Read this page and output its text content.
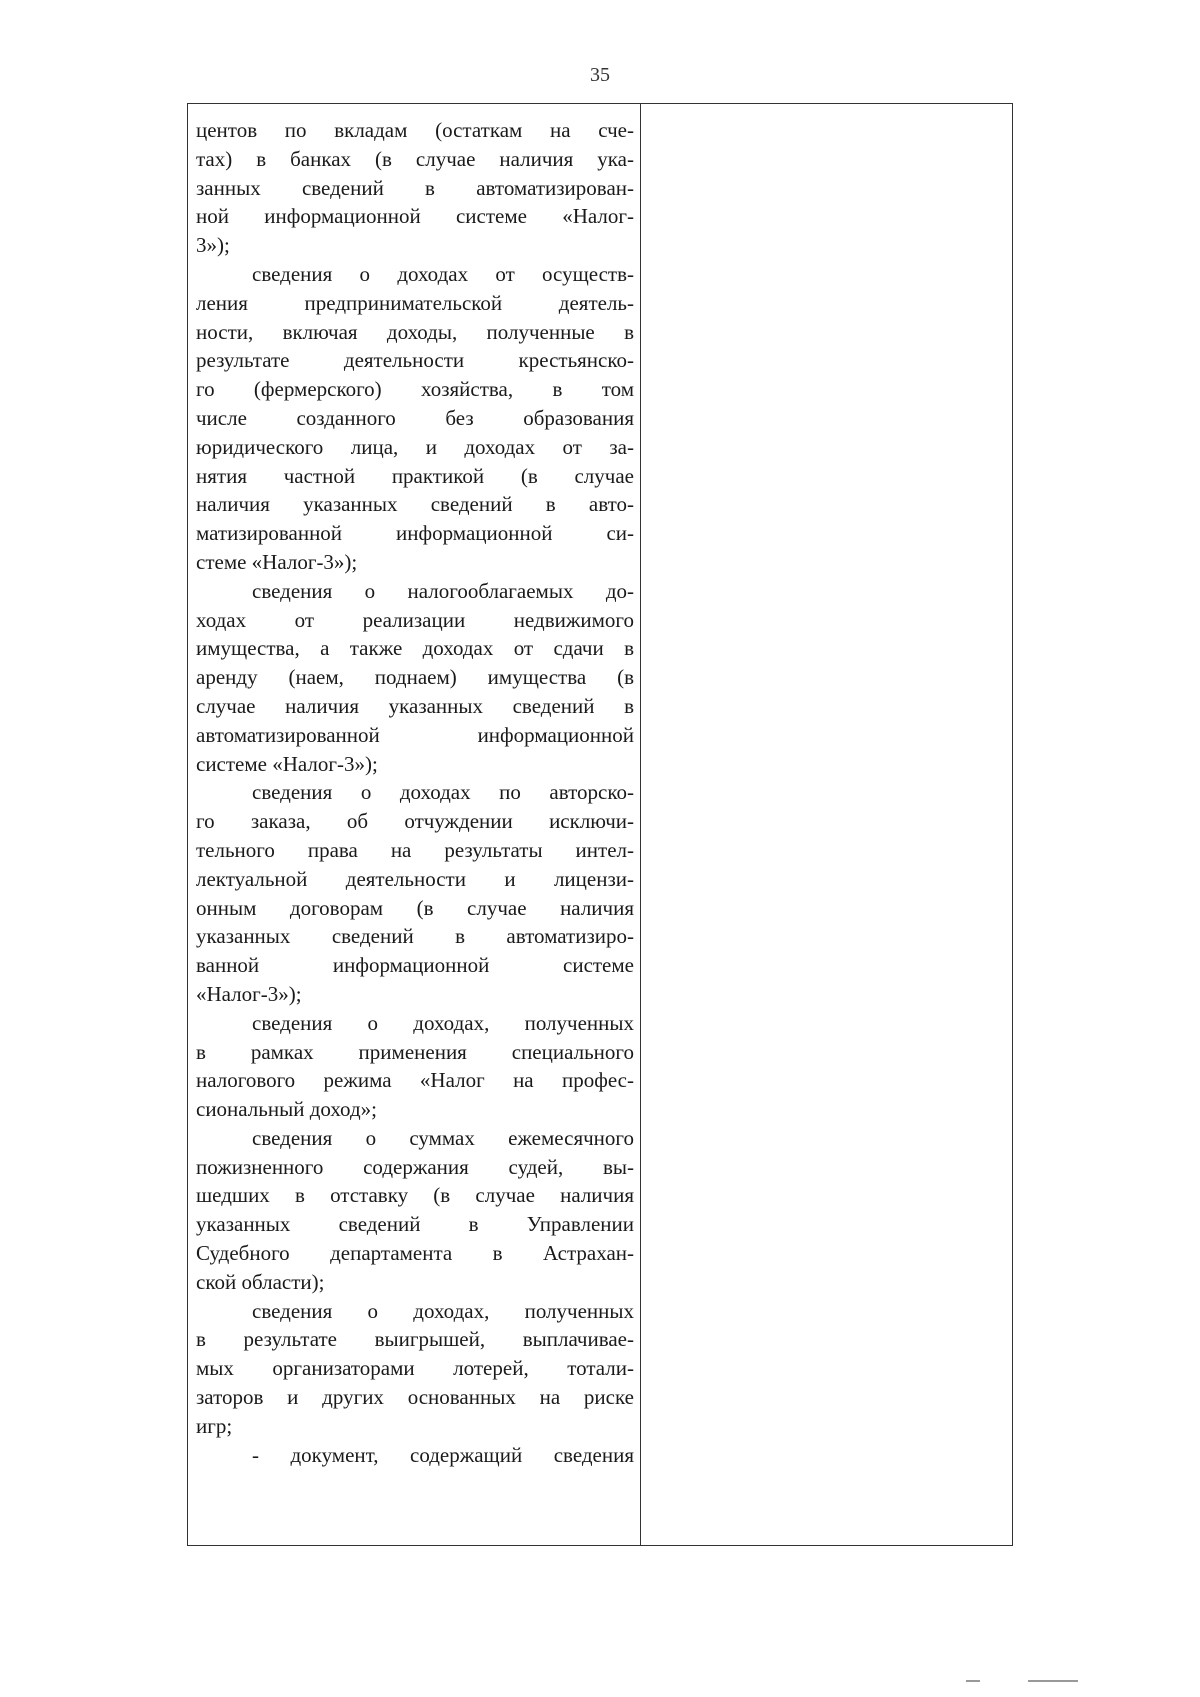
35
центов по вкладам (остаткам на сче-
тах) в банках (в случае наличия ука-
занных сведений в автоматизирован-
ной информационной системе «Налог-
3»);
сведения о доходах от осуществ-
ления предпринимательской деятель-
ности, включая доходы, полученные в
результате деятельности крестьянско-
го (фермерского) хозяйства, в том
числе созданного без образования
юридического лица, и доходах от за-
нятия частной практикой (в случае
наличия указанных сведений в авто-
матизированной информационной си-
стеме «Налог-3»);
сведения о налогооблагаемых до-
ходах от реализации недвижимого
имущества, а также доходах от сдачи в
аренду (наем, поднаем) имущества (в
случае наличия указанных сведений в
автоматизированной информационной
системе «Налог-3»);
сведения о доходах по авторско-
го заказа, об отчуждении исключи-
тельного права на результаты интел-
лектуальной деятельности и лицензи-
онным договорам (в случае наличия
указанных сведений в автоматизиро-
ванной информационной системе
«Налог-3»);
сведения о доходах, полученных
в рамках применения специального
налогового режима «Налог на профес-
сиональный доход»;
сведения о суммах ежемесячного
пожизненного содержания судей, вы-
шедших в отставку (в случае наличия
указанных сведений в Управлении
Судебного департамента в Астрахан-
ской области);
сведения о доходах, полученных
в результате выигрышей, выплачивае-
мых организаторами лотерей, тотали-
заторов и других основанных на риске
игр;
- документ, содержащий сведения
